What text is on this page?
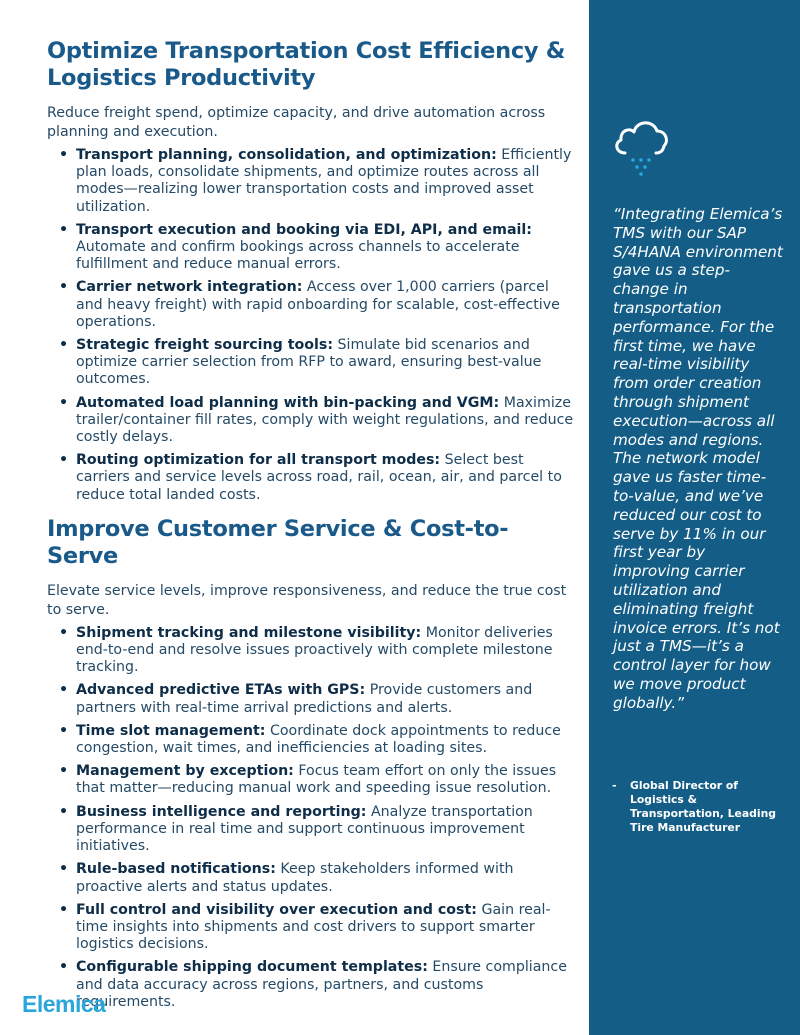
Optimize Transportation Cost Efficiency & Logistics Productivity

Reduce freight spend, optimize capacity, and drive automation across planning and execution.

• Transport planning, consolidation, and optimization: Efficiently plan loads, consolidate shipments, and optimize routes across all modes—realizing lower transportation costs and improved asset utilization.
• Transport execution and booking via EDI, API, and email: Automate and confirm bookings across channels to accelerate fulfillment and reduce manual errors.
• Carrier network integration: Access over 1,000 carriers (parcel and heavy freight) with rapid onboarding for scalable, cost-effective operations.
• Strategic freight sourcing tools: Simulate bid scenarios and optimize carrier selection from RFP to award, ensuring best-value outcomes.
• Automated load planning with bin-packing and VGM: Maximize trailer/container fill rates, comply with weight regulations, and reduce costly delays.
• Routing optimization for all transport modes: Select best carriers and service levels across road, rail, ocean, air, and parcel to reduce total landed costs.
Improve Customer Service & Cost-to-Serve

Elevate service levels, improve responsiveness, and reduce the true cost to serve.

• Shipment tracking and milestone visibility: Monitor deliveries end-to-end and resolve issues proactively with complete milestone tracking.
• Advanced predictive ETAs with GPS: Provide customers and partners with real-time arrival predictions and alerts.
• Time slot management: Coordinate dock appointments to reduce congestion, wait times, and inefficiencies at loading sites.
• Management by exception: Focus team effort on only the issues that matter—reducing manual work and speeding issue resolution.
• Business intelligence and reporting: Analyze transportation performance in real time and support continuous improvement initiatives.
• Rule-based notifications: Keep stakeholders informed with proactive alerts and status updates.
• Full control and visibility over execution and cost: Gain real-time insights into shipments and cost drivers to support smarter logistics decisions.
• Configurable shipping document templates: Ensure compliance and data accuracy across regions, partners, and customs requirements.
“Integrating Elemica’s TMS with our SAP S/4HANA environment gave us a step-change in transportation performance. For the first time, we have real-time visibility from order creation through shipment execution—across all modes and regions. The network model gave us faster time-to-value, and we’ve reduced our cost to serve by 11% in our first year by improving carrier utilization and eliminating freight invoice errors. It’s not just a TMS—it’s a control layer for how we move product globally.”
- Global Director of Logistics & Transportation, Leading Tire Manufacturer
Elemica
